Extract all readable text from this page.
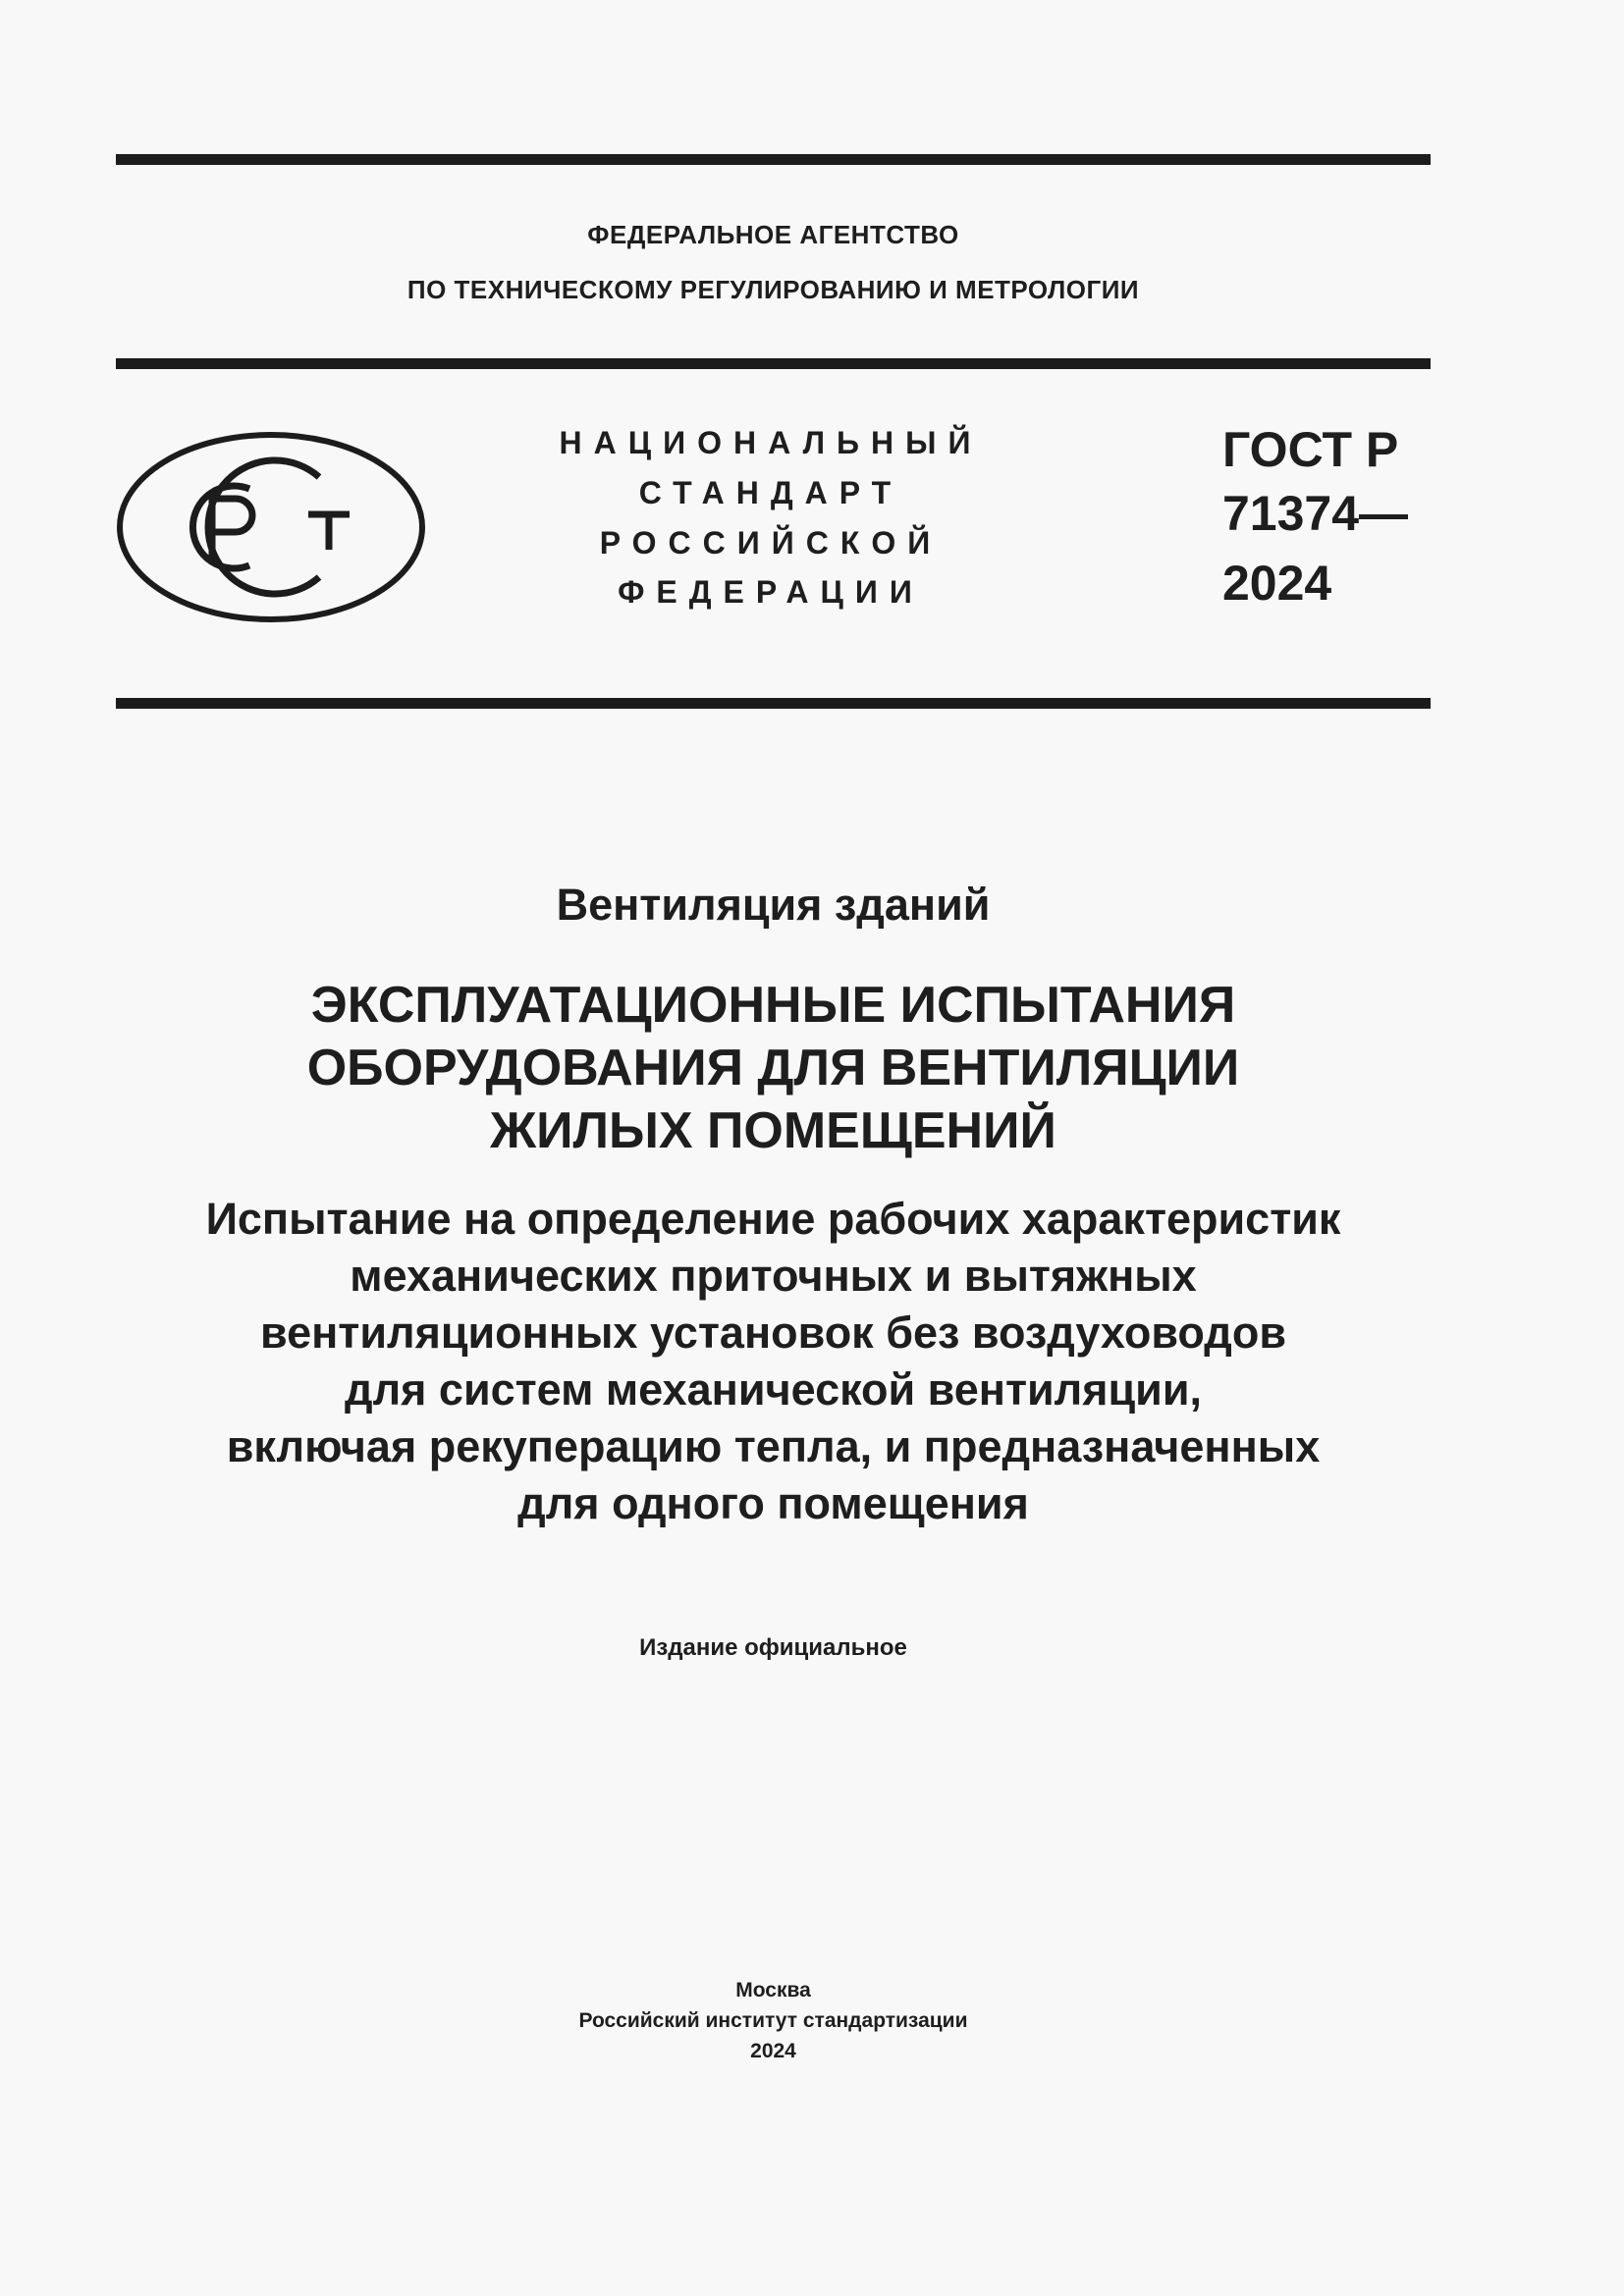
ФЕДЕРАЛЬНОЕ АГЕНТСТВО
ПО ТЕХНИЧЕСКОМУ РЕГУЛИРОВАНИЮ И МЕТРОЛОГИИ
НАЦИОНАЛЬНЫЙ
СТАНДАРТ
РОССИЙСКОЙ
ФЕДЕРАЦИИ
ГОСТ Р
71374—
2024
Вентиляция зданий
ЭКСПЛУАТАЦИОННЫЕ ИСПЫТАНИЯ
ОБОРУДОВАНИЯ ДЛЯ ВЕНТИЛЯЦИИ
ЖИЛЫХ ПОМЕЩЕНИЙ
Испытание на определение рабочих характеристик
механических приточных и вытяжных
вентиляционных установок без воздуховодов
для систем механической вентиляции,
включая рекуперацию тепла, и предназначенных
для одного помещения
Издание официальное
Москва
Российский институт стандартизации
2024
